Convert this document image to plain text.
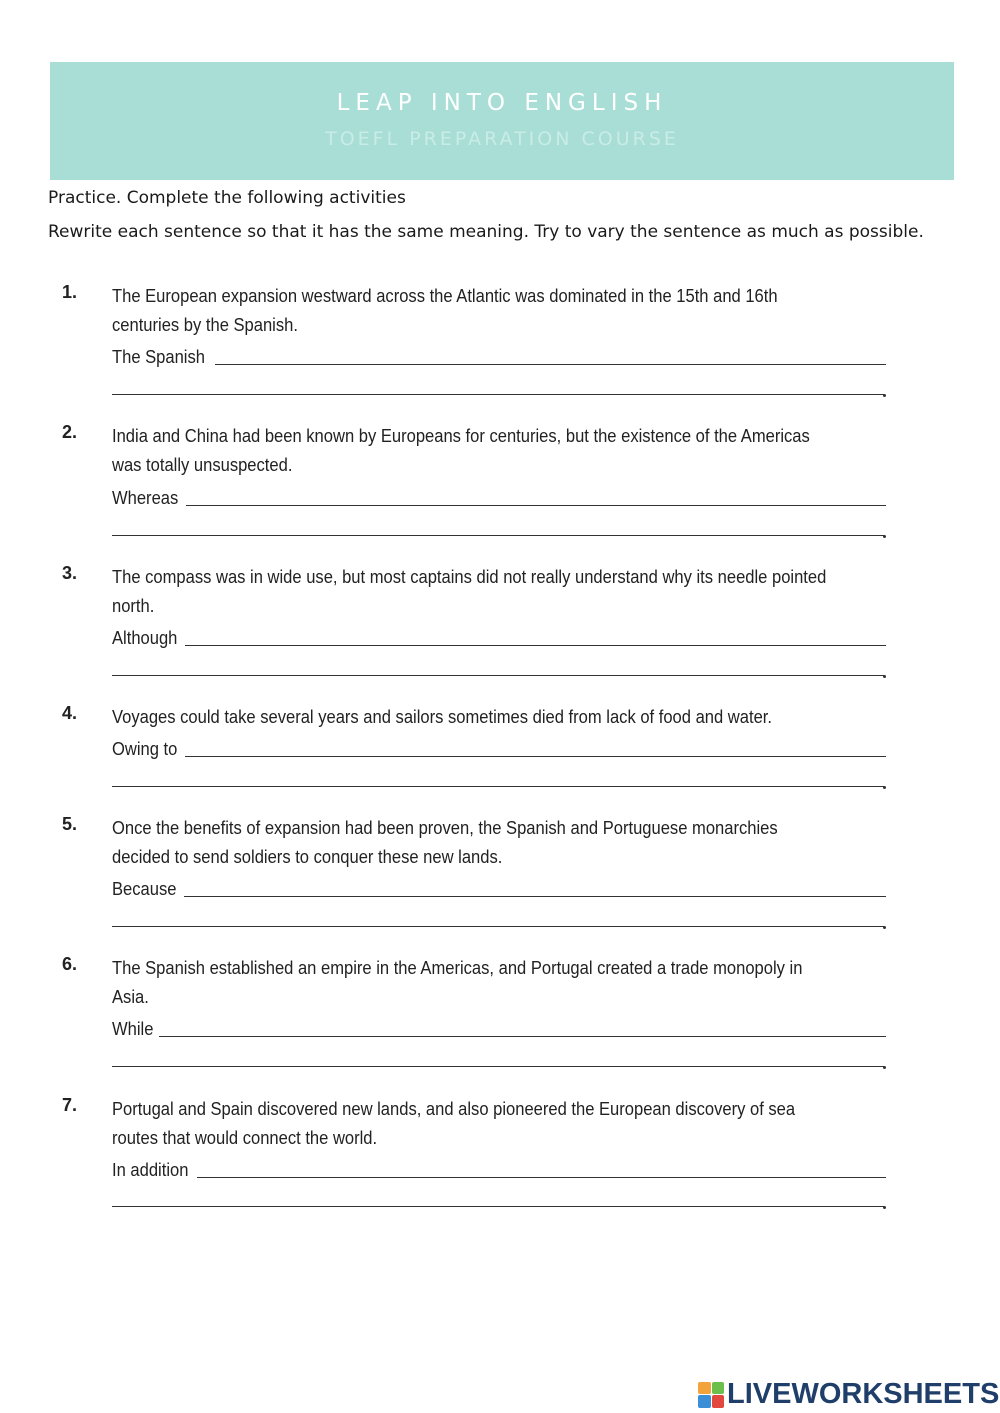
LEAP INTO ENGLISH
TOEFL PREPARATION COURSE
Practice. Complete the following activities
Rewrite each sentence so that it has the same meaning. Try to vary the sentence as much as possible.
1. The European expansion westward across the Atlantic was dominated in the 15th and 16th centuries by the Spanish.
The Spanish
2. India and China had been known by Europeans for centuries, but the existence of the Americas was totally unsuspected.
Whereas
3. The compass was in wide use, but most captains did not really understand why its needle pointed north.
Although
4. Voyages could take several years and sailors sometimes died from lack of food and water.
Owing to
5. Once the benefits of expansion had been proven, the Spanish and Portuguese monarchies decided to send soldiers to conquer these new lands.
Because
6. The Spanish established an empire in the Americas, and Portugal created a trade monopoly in Asia.
While
7. Portugal and Spain discovered new lands, and also pioneered the European discovery of sea routes that would connect the world.
In addition
LIVEWORKSHEETS
